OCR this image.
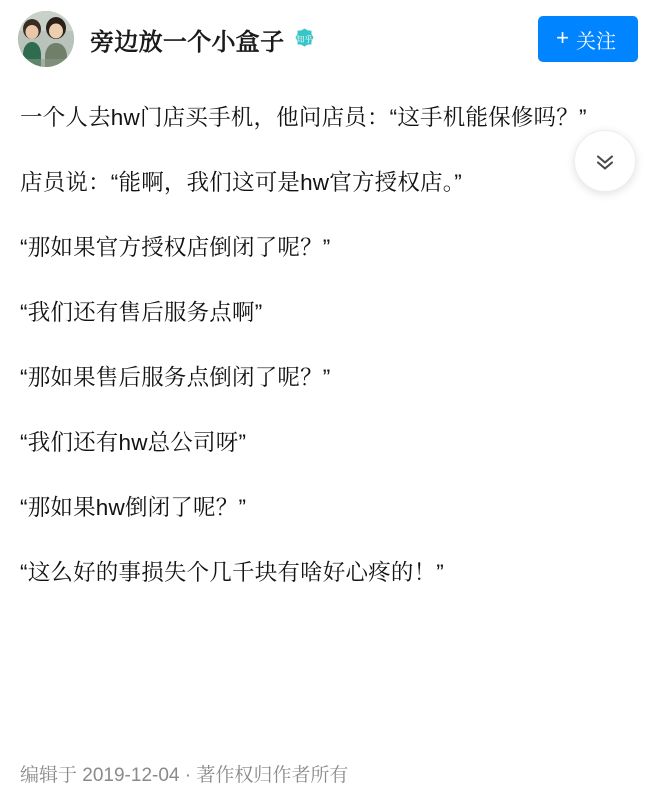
旁边放一个小盒子 知乎	+ 关注

一个人去hw门店买手机，他问店员：“这手机能保修吗？”

店员说：“能啊，我们这可是hw官方授权店。”

“那如果官方授权店倒闭了呢？”

“我们还有售后服务点啊”

“那如果售后服务点倒闭了呢？”

“我们还有hw总公司呀”

“那如果hw倒闭了呢？”

“这么好的事损失个几千块有啥好心疼的！”

编辑于 2019-12-04 · 著作权归作者所有
